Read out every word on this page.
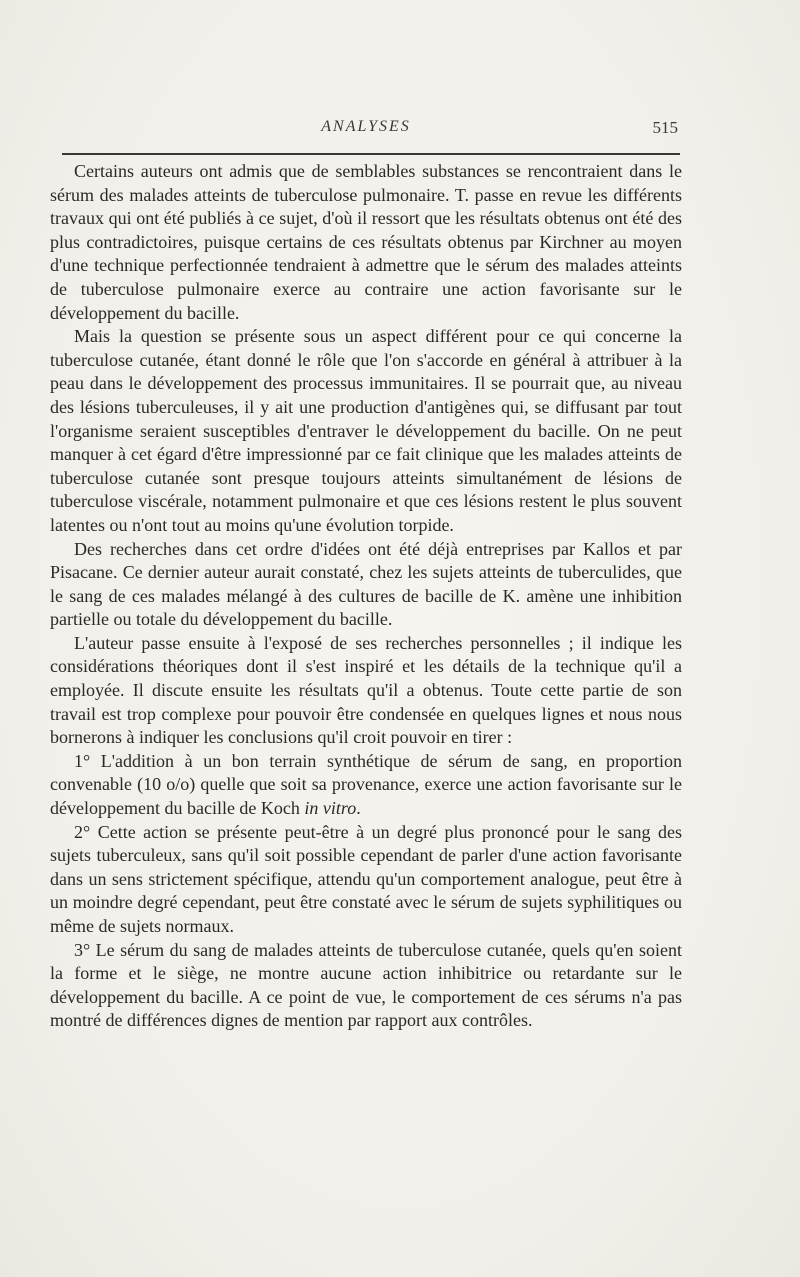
ANALYSES	515

Certains auteurs ont admis que de semblables substances se rencontraient dans le sérum des malades atteints de tuberculose pulmonaire. T. passe en revue les différents travaux qui ont été publiés à ce sujet, d'où il ressort que les résultats obtenus ont été des plus contradictoires, puisque certains de ces résultats obtenus par Kirchner au moyen d'une technique perfectionnée tendraient à admettre que le sérum des malades atteints de tuberculose pulmonaire exerce au contraire une action favorisante sur le développement du bacille.

Mais la question se présente sous un aspect différent pour ce qui concerne la tuberculose cutanée, étant donné le rôle que l'on s'accorde en général à attribuer à la peau dans le développement des processus immunitaires. Il se pourrait que, au niveau des lésions tuberculeuses, il y ait une production d'antigènes qui, se diffusant par tout l'organisme seraient susceptibles d'entraver le développement du bacille. On ne peut manquer à cet égard d'être impressionné par ce fait clinique que les malades atteints de tuberculose cutanée sont presque toujours atteints simultanément de lésions de tuberculose viscérale, notamment pulmonaire et que ces lésions restent le plus souvent latentes ou n'ont tout au moins qu'une évolution torpide.

Des recherches dans cet ordre d'idées ont été déjà entreprises par Kallos et par Pisacane. Ce dernier auteur aurait constaté, chez les sujets atteints de tuberculides, que le sang de ces malades mélangé à des cultures de bacille de K. amène une inhibition partielle ou totale du développement du bacille.

L'auteur passe ensuite à l'exposé de ses recherches personnelles ; il indique les considérations théoriques dont il s'est inspiré et les détails de la technique qu'il a employée. Il discute ensuite les résultats qu'il a obtenus. Toute cette partie de son travail est trop complexe pour pouvoir être condensée en quelques lignes et nous nous bornerons à indiquer les conclusions qu'il croit pouvoir en tirer :

1° L'addition à un bon terrain synthétique de sérum de sang, en proportion convenable (10 o/o) quelle que soit sa provenance, exerce une action favorisante sur le développement du bacille de Koch in vitro.

2° Cette action se présente peut-être à un degré plus prononcé pour le sang des sujets tuberculeux, sans qu'il soit possible cependant de parler d'une action favorisante dans un sens strictement spécifique, attendu qu'un comportement analogue, peut être à un moindre degré cependant, peut être constaté avec le sérum de sujets syphilitiques ou même de sujets normaux.

3° Le sérum du sang de malades atteints de tuberculose cutanée, quels qu'en soient la forme et le siège, ne montre aucune action inhibitrice ou retardante sur le développement du bacille. A ce point de vue, le comportement de ces sérums n'a pas montré de différences dignes de mention par rapport aux contrôles.
